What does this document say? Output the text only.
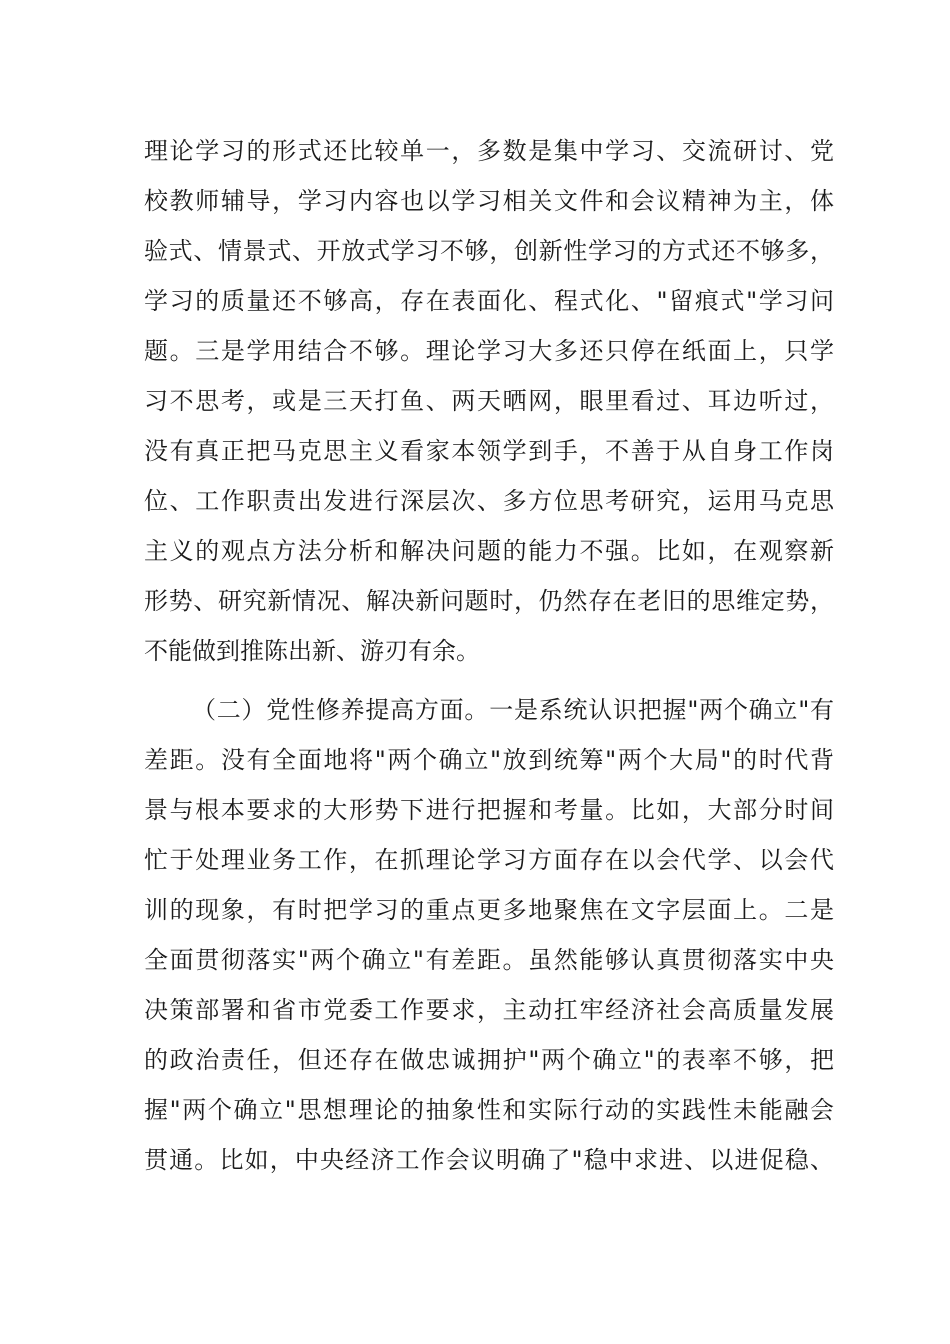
理论学习的形式还比较单一，多数是集中学习、交流研讨、党
校教师辅导，学习内容也以学习相关文件和会议精神为主，体
验式、情景式、开放式学习不够，创新性学习的方式还不够多，
学习的质量还不够高，存在表面化、程式化、"留痕式"学习问
题。三是学用结合不够。理论学习大多还只停在纸面上，只学
习不思考，或是三天打鱼、两天晒网，眼里看过、耳边听过，
没有真正把马克思主义看家本领学到手，不善于从自身工作岗
位、工作职责出发进行深层次、多方位思考研究，运用马克思
主义的观点方法分析和解决问题的能力不强。比如，在观察新
形势、研究新情况、解决新问题时，仍然存在老旧的思维定势，
不能做到推陈出新、游刃有余。
（二）党性修养提高方面。一是系统认识把握"两个确立"有
差距。没有全面地将"两个确立"放到统筹"两个大局"的时代背
景与根本要求的大形势下进行把握和考量。比如，大部分时间
忙于处理业务工作，在抓理论学习方面存在以会代学、以会代
训的现象，有时把学习的重点更多地聚焦在文字层面上。二是
全面贯彻落实"两个确立"有差距。虽然能够认真贯彻落实中央
决策部署和省市党委工作要求，主动扛牢经济社会高质量发展
的政治责任，但还存在做忠诚拥护"两个确立"的表率不够，把
握"两个确立"思想理论的抽象性和实际行动的实践性未能融会
贯通。比如，中央经济工作会议明确了"稳中求进、以进促稳、
